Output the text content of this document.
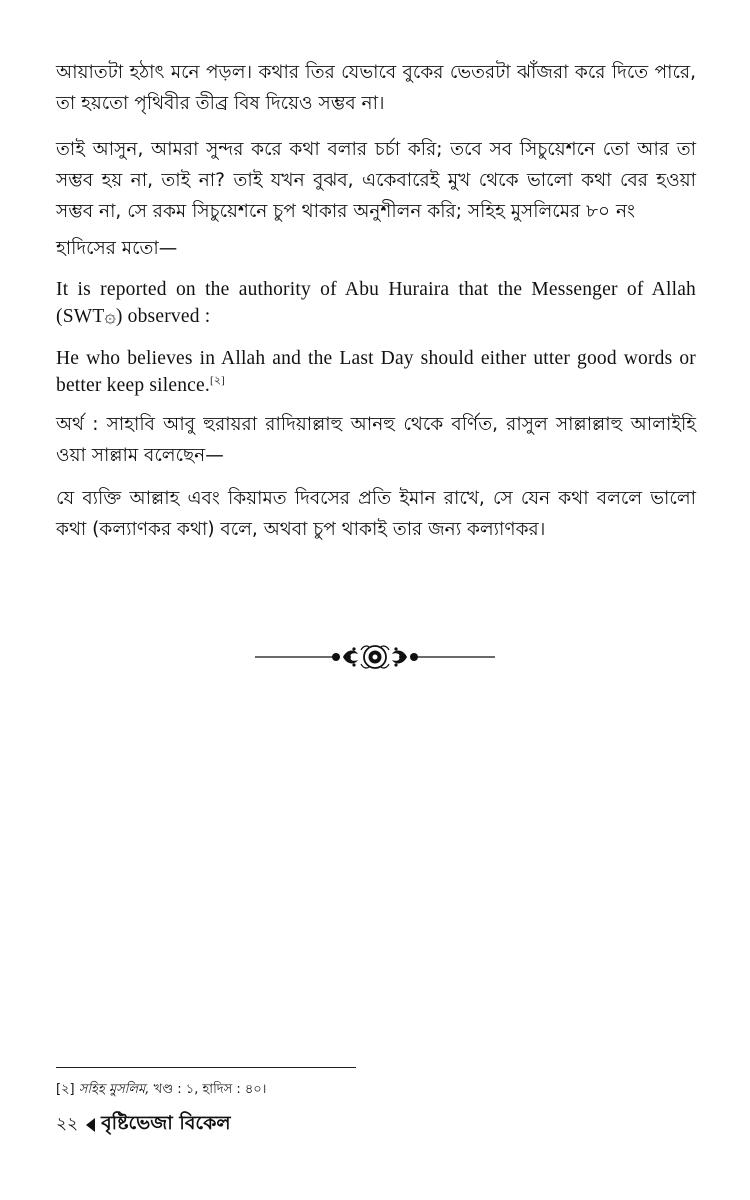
আয়াতটা হঠাৎ মনে পড়ল। কথার তির যেভাবে বুকের ভেতরটা ঝাঁজরা করে দিতে পারে, তা হয়তো পৃথিবীর তীব্র বিষ দিয়েও সম্ভব না।

তাই আসুন, আমরা সুন্দর করে কথা বলার চর্চা করি; তবে সব সিচুয়েশনে তো আর তা সম্ভব হয় না, তাই না? তাই যখন বুঝব, একেবারেই মুখ থেকে ভালো কথা বের হওয়া সম্ভব না, সে রকম সিচুয়েশনে চুপ থাকার অনুশীলন করি; সহিহ মুসলিমের ৮০ নং
হাদিসের মতো—

It is reported on the authority of Abu Huraira that the Messenger of Allah (SWT۞) observed :

He who believes in Allah and the Last Day should either utter good words or better keep silence.[২]

অর্থ : সাহাবি আবু হুরায়রা রাদিয়াল্লাহু আনহু থেকে বর্ণিত, রাসুল সাল্লাল্লাহু আলাইহি ওয়া সাল্লাম বলেছেন—

যে ব্যক্তি আল্লাহ এবং কিয়ামত দিবসের প্রতি ইমান রাখে, সে যেন কথা বললে ভালো কথা (কল্যাণকর কথা) বলে, অথবা চুপ থাকাই তার জন্য কল্যাণকর।

[২] সহিহ মুসলিম, খণ্ড : ১, হাদিস : ৪০।
২২ বৃষ্টিভেজা বিকেল
